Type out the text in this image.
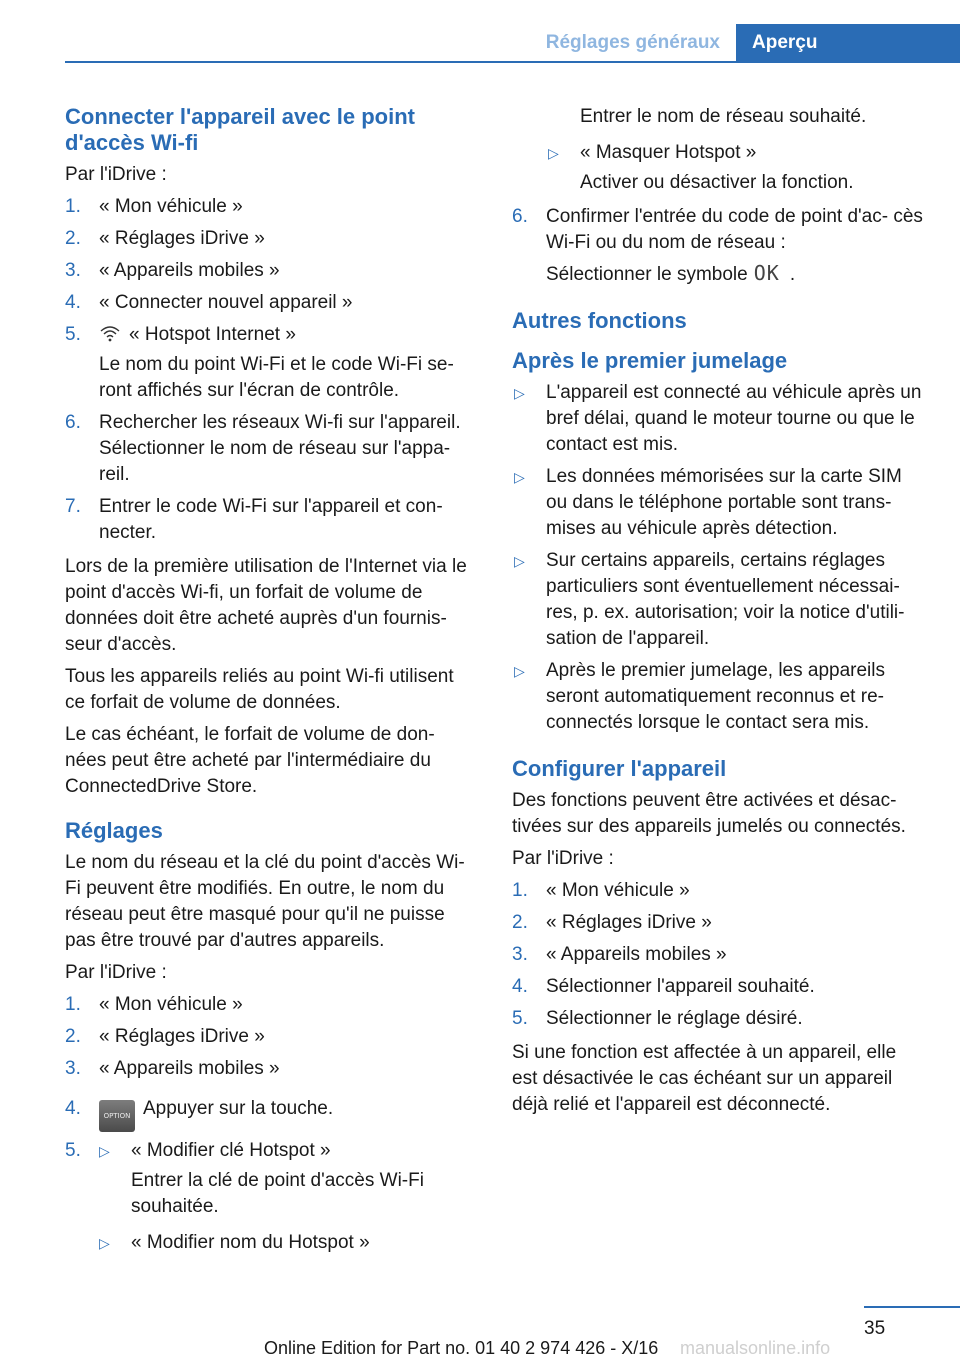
Réglages généraux	Aperçu
Connecter l'appareil avec le point d'accès Wi-fi

Par l'iDrive :

1. « Mon véhicule »
2. « Réglages iDrive »
3. « Appareils mobiles »
4. « Connecter nouvel appareil »
5.	« Hotspot Internet »
Le nom du point Wi-Fi et le code Wi-Fi se- ront affichés sur l'écran de contrôle.
6. Rechercher les réseaux Wi-fi sur l'appareil. Sélectionner le nom de réseau sur l'appa- reil.
7. Entrer le code Wi-Fi sur l'appareil et con- necter.

Lors de la première utilisation de l'Internet via le point d'accès Wi-fi, un forfait de volume de données doit être acheté auprès d'un fournis- seur d'accès.

Tous les appareils reliés au point Wi-fi utilisent ce forfait de volume de données.

Le cas échéant, le forfait de volume de don- nées peut être acheté par l'intermédiaire du ConnectedDrive Store.

Réglages

Le nom du réseau et la clé du point d'accès Wi-Fi peuvent être modifiés. En outre, le nom du réseau peut être masqué pour qu'il ne puisse pas être trouvé par d'autres appareils.

Par l'iDrive :

1. « Mon véhicule »
2. « Réglages iDrive »
3. « Appareils mobiles »
4.	OPTION Appuyer sur la touche.
5. ▷ « Modifier clé Hotspot »
Entrer la clé de point d'accès Wi-Fi souhaitée.
▷ « Modifier nom du Hotspot »
Entrer le nom de réseau souhaité.
▷ « Masquer Hotspot »
Activer ou désactiver la fonction.
6. Confirmer l'entrée du code de point d'ac- cès Wi-Fi ou du nom de réseau :
Sélectionner le symbole OK .
Autres fonctions
Après le premier jumelage
▷ L'appareil est connecté au véhicule après un bref délai, quand le moteur tourne ou que le contact est mis.
▷ Les données mémorisées sur la carte SIM ou dans le téléphone portable sont trans- mises au véhicule après détection.
▷ Sur certains appareils, certains réglages particuliers sont éventuellement nécessai- res, p. ex. autorisation; voir la notice d'utili- sation de l'appareil.
▷ Après le premier jumelage, les appareils seront automatiquement reconnus et re- connectés lorsque le contact sera mis.
Configurer l'appareil

Des fonctions peuvent être activées et désac- tivées sur des appareils jumelés ou connectés.

Par l'iDrive :

1. « Mon véhicule »
2. « Réglages iDrive »
3. « Appareils mobiles »
4. Sélectionner l'appareil souhaité.
5. Sélectionner le réglage désiré.

Si une fonction est affectée à un appareil, elle est désactivée le cas échéant sur un appareil déjà relié et l'appareil est déconnecté.

35
Online Edition for Part no. 01 40 2 974 426 - X/16 manualsonline.info
